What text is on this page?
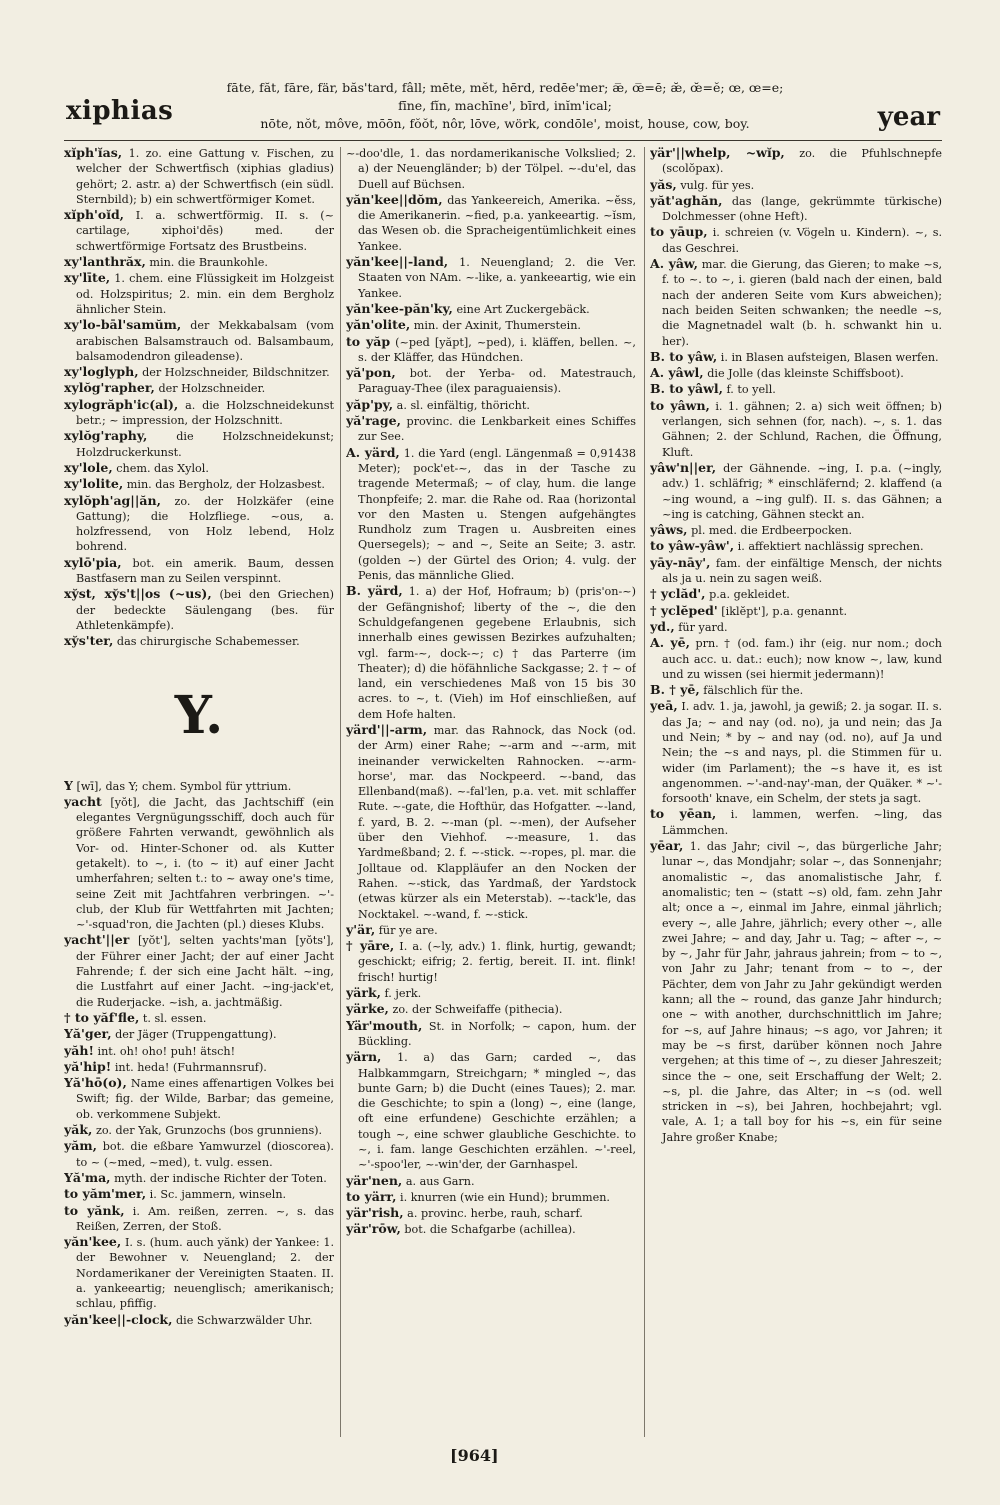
xiphias
fāte, făt, fāre, fär, băs'tard, fâll; mēte, mĕt, hērd, redēe'mer; æ̅, œ̅=ē; æ̆, œ̆=ĕ; œ, œ=e;
fīne, fĭn, machīne', bīrd, inĭm'ical;
nōte, nŏt, môve, mōōn, fŏŏt, nôr, lōve, wörk, condōle', moist, house, cow, boy.	year

xĭph'ĭas, 1. zo. eine Gattung v. Fischen, zu welcher der Schwertfisch (xiphias gladius) gehört; 2. astr. a) der Schwertfisch (ein südl. Sternbild); b) ein schwertförmiger Komet.

xĭph'oĭd, I. a. schwertförmig. II. s. (~ cartilage, xiphoi'dēs) med. der schwertförmige Fortsatz des Brustbeins.

xy'lanthrăx, min. die Braunkohle.

xy'līte, 1. chem. eine Flüssigkeit im Holzgeist od. Holzspiritus; 2. min. ein dem Bergholz ähnlicher Stein.

xy'lo-bāl'samŭm, der Mekkabalsam (vom arabischen Balsamstrauch od. Balsambaum, balsamodendron gileadense).

xy'loglyph, der Holzschneider, Bildschnitzer.

xylŏg'rapher, der Holzschneider.

xylogrăph'ic(al), a. die Holzschneidekunst betr.; ~ impression, der Holzschnitt.

xylŏg'raphy,	die Holzschneidekunst; Holzdruckerkunst.

xy'lole, chem. das Xylol.

xy'lolite, min. das Bergholz, der Holzasbest.

xylŏph'ag||ăn, zo. der Holzkäfer (eine Gattung); die Holzfliege. ~ous, a. holzfressend, von Holz lebend, Holz bohrend.

xylō'pia, bot. ein amerik. Baum, dessen Bastfasern man zu Seilen verspinnt.

xy̆st, xy̆s't||os (~us), (bei den Griechen) der bedeckte Säulengang (bes. für Athletenkämpfe).

xy̆s'ter, das chirurgische Schabemesser.

Y.

Y [wī], das Y; chem. Symbol für yttrium.

yacht [yŏt], die Jacht, das Jachtschiff (ein elegantes Vergnügungsschiff, doch auch für größere Fahrten verwandt, gewöhnlich als Vor- od. Hinter-Schoner od. als Kutter getakelt). to ~, i. (to ~ it) auf einer Jacht umherfahren; selten t.: to ~ away one's time, seine Zeit mit Jachtfahren verbringen. ~'-club, der Klub für Wettfahrten mit Jachten; ~'-squad'ron, die Jachten (pl.) dieses Klubs.

yacht'||er [yŏt'], selten yachts'man [yŏts'], der Führer einer Jacht; der auf einer Jacht Fahrende; f. der sich eine Jacht hält. ~ing, die Lustfahrt auf einer Jacht. ~ing-jack'et, die Ruderjacke. ~ish, a. jachtmäßig.

† to yăf'fle, t. sl. essen.

Yă'ger, der Jäger (Truppengattung).

yăh! int. oh! oho! puh! ätsch!

yă'hip! int. heda! (Fuhrmannsruf).

Yă'hō(o), Name eines affenartigen Volkes bei Swift; fig. der Wilde, Barbar; das gemeine, ob. verkommene Subjekt.

yăk, zo. der Yak, Grunzochs (bos grunniens).

yăm, bot. die eßbare Yamwurzel (dioscorea). to ~ (~med, ~med), t. vulg. essen.

Yă'ma, myth. der indische Richter der Toten.

to yăm'mer, i. Sc. jammern, winseln.

to yănk, i. Am. reißen, zerren. ~, s. das Reißen, Zerren, der Stoß.

yăn'kee, I. s. (hum. auch yănk) der Yankee: 1. der Bewohner v. Neuengland; 2. der Nordamerikaner der Vereinigten Staaten. II. a. yankeeartig; neuenglisch; amerikanisch; schlau, pfiffig.

yăn'kee||-clock, die Schwarzwälder Uhr.

~-doo'dle, 1. das nordamerikanische Volkslied; 2. a) der Neuengländer; b) der Tölpel. ~-du'el, das Duell auf Büchsen.

yăn'kee||dŏm, das Yankeereich, Amerika. ~ĕss, die Amerikanerin. ~fied, p.a. yankeeartig. ~ĭsm, das Wesen ob. die Spracheigentümlichkeit eines Yankee.

yăn'kee||-land, 1. Neuengland; 2. die Ver. Staaten von NAm. ~-like, a. yankeeartig, wie ein Yankee.

yăn'kee-păn'ky, eine Art Zuckergebäck.

yăn'olite, min. der Axinit, Thumerstein.

to yăp (~ped [yăpt], ~ped), i. kläffen, bellen. ~, s. der Kläffer, das Hündchen.

yă'pon, bot. der Yerba- od. Matestrauch, Paraguay-Thee (ilex paraguaiensis).

yăp'py, a. sl. einfältig, thöricht.

yă'rage, provinc. die Lenkbarkeit eines Schiffes zur See.

A. yärd, 1. die Yard (engl. Längenmaß = 0,91438 Meter); pock'et-~, das in der Tasche zu tragende Metermaß; ~ of clay, hum. die lange Thonpfeife; 2. mar. die Rahe od. Raa (horizontal vor den Masten u. Stengen aufgehängtes Rundholz zum Tragen u. Ausbreiten eines Quersegels); ~ and ~, Seite an Seite; 3. astr. (golden ~) der Gürtel des Orion; 4. vulg. der Penis, das männliche Glied.

B. yärd, 1. a) der Hof, Hofraum; b) (pris'on-~) der Gefängnishof; liberty of the ~, die den Schuldgefangenen gegebene Erlaubnis, sich innerhalb eines gewissen Bezirkes aufzuhalten; vgl. farm-~, dock-~; c) † das Parterre (im Theater); d) die höfähnliche Sackgasse; 2. † ~ of land, ein verschiedenes Maß von 15 bis 30 acres. to ~, t. (Vieh) im Hof einschließen, auf dem Hofe halten.

yärd'||-arm, mar. das Rahnock, das Nock (od. der Arm) einer Rahe; ~-arm and ~-arm, mit ineinander verwickelten Rahnocken. ~-arm-horse', mar. das Nockpeerd. ~-band, das Ellenband(maß). ~-fal'len, p.a. vet. mit schlaffer Rute. ~-gate, die Hofthür, das Hofgatter. ~-land, f. yard, B. 2. ~-man (pl. ~-men), der Aufseher über den Viehhof. ~-measure, 1. das Yardmeßband; 2. f. ~-stick. ~-ropes, pl. mar. die Jolltaue od. Klappläufer an den Nocken der Rahen. ~-stick, das Yardmaß, der Yardstock (etwas kürzer als ein Meterstab). ~-tack'le, das Nocktakel. ~-wand, f. ~-stick.

y'är, für ye are.

† yāre, I. a. (~ly, adv.) 1. flink, hurtig, gewandt; geschickt; eifrig; 2. fertig, bereit. II. int. flink! frisch! hurtig!

yärk, f. jerk.

yärke, zo. der Schweifaffe (pithecia).

Yär'mouth, St. in Norfolk; ~ capon, hum. der Bückling.

yärn, 1. a) das Garn; carded ~, das Halbkammgarn, Streichgarn; * mingled ~, das bunte Garn; b) die Ducht (eines Taues); 2. mar. die Geschichte; to spin a (long) ~, eine (lange, oft eine erfundene) Geschichte erzählen; a tough ~, eine schwer glaubliche Geschichte. to ~, i. fam. lange Geschichten erzählen. ~'-reel, ~'-spoo'ler, ~-win'der, der Garnhaspel.

yär'nen, a. aus Garn.

to yärr, i. knurren (wie ein Hund); brummen.

yär'rish, a. provinc. herbe, rauh, scharf.

yär'rōw, bot. die Schafgarbe (achillea).

yär'||whelp, ~wĭp, zo. die Pfuhlschnepfe (scolŏpax).

yăs, vulg. für yes.

yăt'aghăn, das (lange, gekrümmte türkische) Dolchmesser (ohne Heft).

to yāup, i. schreien (v. Vögeln u. Kindern). ~, s. das Geschrei.

A. yâw, mar. die Gierung, das Gieren; to make ~s, f. to ~. to ~, i. gieren (bald nach der einen, bald nach der anderen Seite vom Kurs abweichen); nach beiden Seiten schwanken; the needle ~s, die Magnetnadel walt (b. h. schwankt hin u. her).

B. to yâw, i. in Blasen aufsteigen, Blasen werfen.

A. yâwl, die Jolle (das kleinste Schiffsboot).

B. to yâwl, f. to yell.

to yâwn, i. 1. gähnen; 2. a) sich weit öffnen; b) verlangen, sich sehnen (for, nach). ~, s. 1. das Gähnen; 2. der Schlund, Rachen, die Öffnung, Kluft.

yâw'n||er, der Gähnende. ~ing, I. p.a. (~ingly, adv.) 1. schläfrig; * einschläfernd; 2. klaffend (a ~ing wound, a ~ing gulf). II. s. das Gähnen; a ~ing is catching, Gähnen steckt an.

yâws, pl. med. die Erdbeerpocken.

to yâw-yâw', i. affektiert nachlässig sprechen.

yāy-nāy', fam. der einfältige Mensch, der nichts als ja u. nein zu sagen weiß.

† yclăd', p.a. gekleidet.

† yclĕped' [iklĕpt'], p.a. genannt.

yd., für yard.

A. yē, prn. † (od. fam.) ihr (eig. nur nom.; doch auch acc. u. dat.: euch); now know ~, law, kund und zu wissen (sei hiermit jedermann)!

B. † yē, fälschlich für the.

yeā, I. adv. 1. ja, jawohl, ja gewiß; 2. ja sogar. II. s. das Ja; ~ and nay (od. no), ja und nein; das Ja und Nein; * by ~ and nay (od. no), auf Ja und Nein; the ~s and nays, pl. die Stimmen für u. wider (im Parlament); the ~s have it, es ist angenommen. ~'-and-nay'-man, der Quäker. * ~'-forsooth' knave, ein Schelm, der stets ja sagt.

to yēan, i. lammen, werfen. ~ling, das Lämmchen.

yēar, 1. das Jahr; civil ~, das bürgerliche Jahr; lunar ~, das Mondjahr; solar ~, das Sonnenjahr; anomalistic ~, das anomalistische Jahr, f. anomalistic; ten ~ (statt ~s) old, fam. zehn Jahr alt; once a ~, einmal im Jahre, einmal jährlich; every ~, alle Jahre, jährlich; every other ~, alle zwei Jahre; ~ and day, Jahr u. Tag; ~ after ~, ~ by ~, Jahr für Jahr, jahraus jahrein; from ~ to ~, von Jahr zu Jahr; tenant from ~ to ~, der Pächter, dem von Jahr zu Jahr gekündigt werden kann; all the ~ round, das ganze Jahr hindurch; one ~ with another, durchschnittlich im Jahre; for ~s, auf Jahre hinaus; ~s ago, vor Jahren; it may be ~s first, darüber können noch Jahre vergehen; at this time of ~, zu dieser Jahreszeit; since the ~ one, seit Erschaffung der Welt; 2. ~s, pl. die Jahre, das Alter; in ~s (od. well stricken in ~s), bei Jahren, hochbejahrt; vgl. vale, A. 1; a tall boy for his ~s, ein für seine Jahre großer Knabe;

[964]
